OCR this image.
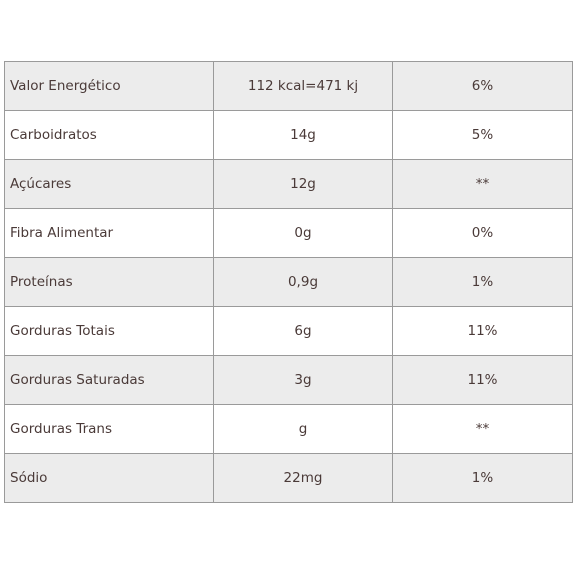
Valor Energético	112 kcal=471 kj	6%
Carboidratos	14g	5%
Açúcares	12g	**
Fibra Alimentar	0g	0%
Proteínas	0,9g	1%
Gorduras Totais	6g	11%
Gorduras Saturadas	3g	11%
Gorduras Trans	g	**
Sódio	22mg	1%
